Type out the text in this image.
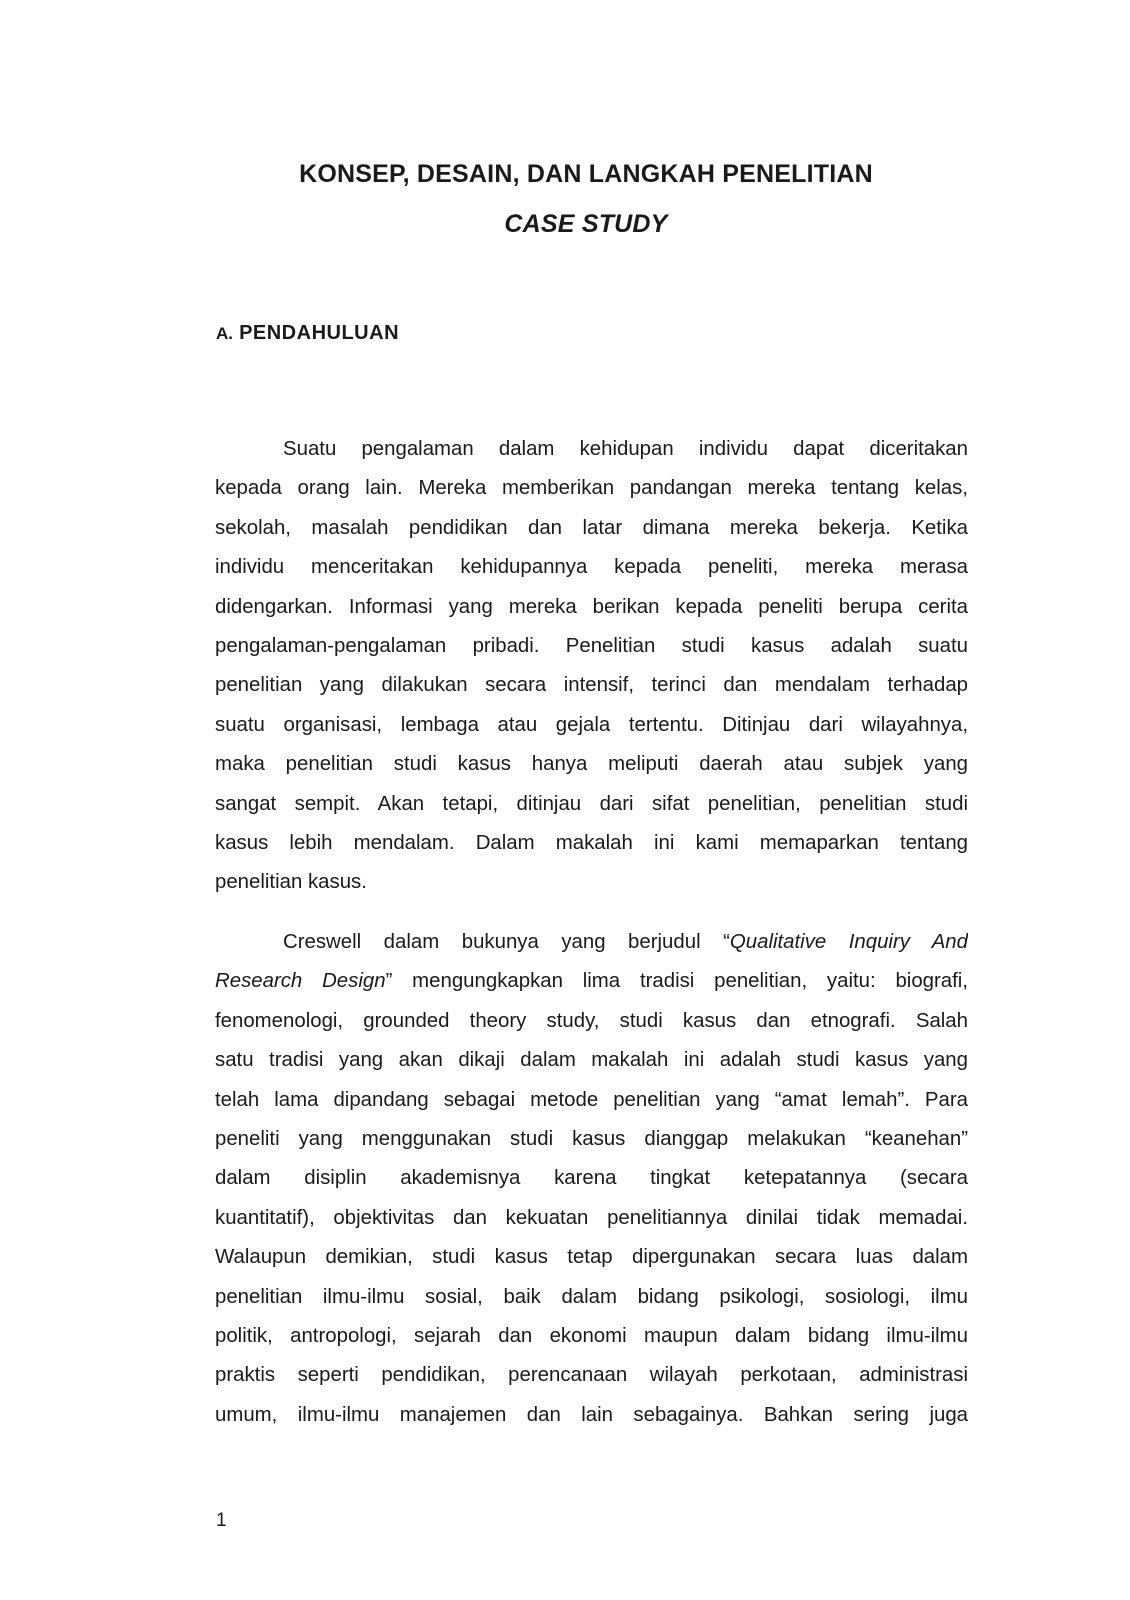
KONSEP, DESAIN, DAN LANGKAH PENELITIAN
CASE STUDY
A. PENDAHULUAN
Suatu pengalaman dalam kehidupan individu dapat diceritakan
kepada orang lain. Mereka memberikan pandangan mereka tentang kelas,
sekolah, masalah pendidikan dan latar dimana mereka bekerja. Ketika
individu menceritakan kehidupannya kepada peneliti, mereka merasa
didengarkan. Informasi yang mereka berikan kepada peneliti berupa cerita
pengalaman-pengalaman pribadi. Penelitian studi kasus adalah suatu
penelitian yang dilakukan secara intensif, terinci dan mendalam terhadap
suatu organisasi, lembaga atau gejala tertentu. Ditinjau dari wilayahnya,
maka penelitian studi kasus hanya meliputi daerah atau subjek yang
sangat sempit. Akan tetapi, ditinjau dari sifat penelitian, penelitian studi
kasus lebih mendalam. Dalam makalah ini kami memaparkan tentang
penelitian kasus.
Creswell dalam bukunya yang berjudul “Qualitative Inquiry And
Research Design” mengungkapkan lima tradisi penelitian, yaitu: biografi,
fenomenologi, grounded theory study, studi kasus dan etnografi. Salah
satu tradisi yang akan dikaji dalam makalah ini adalah studi kasus yang
telah lama dipandang sebagai metode penelitian yang “amat lemah”. Para
peneliti yang menggunakan studi kasus dianggap melakukan “keanehan”
dalam disiplin akademisnya karena tingkat ketepatannya (secara
kuantitatif), objektivitas dan kekuatan penelitiannya dinilai tidak memadai.
Walaupun demikian, studi kasus tetap dipergunakan secara luas dalam
penelitian ilmu-ilmu sosial, baik dalam bidang psikologi, sosiologi, ilmu
politik, antropologi, sejarah dan ekonomi maupun dalam bidang ilmu-ilmu
praktis seperti pendidikan, perencanaan wilayah perkotaan, administrasi
umum, ilmu-ilmu manajemen dan lain sebagainya. Bahkan sering juga
1
